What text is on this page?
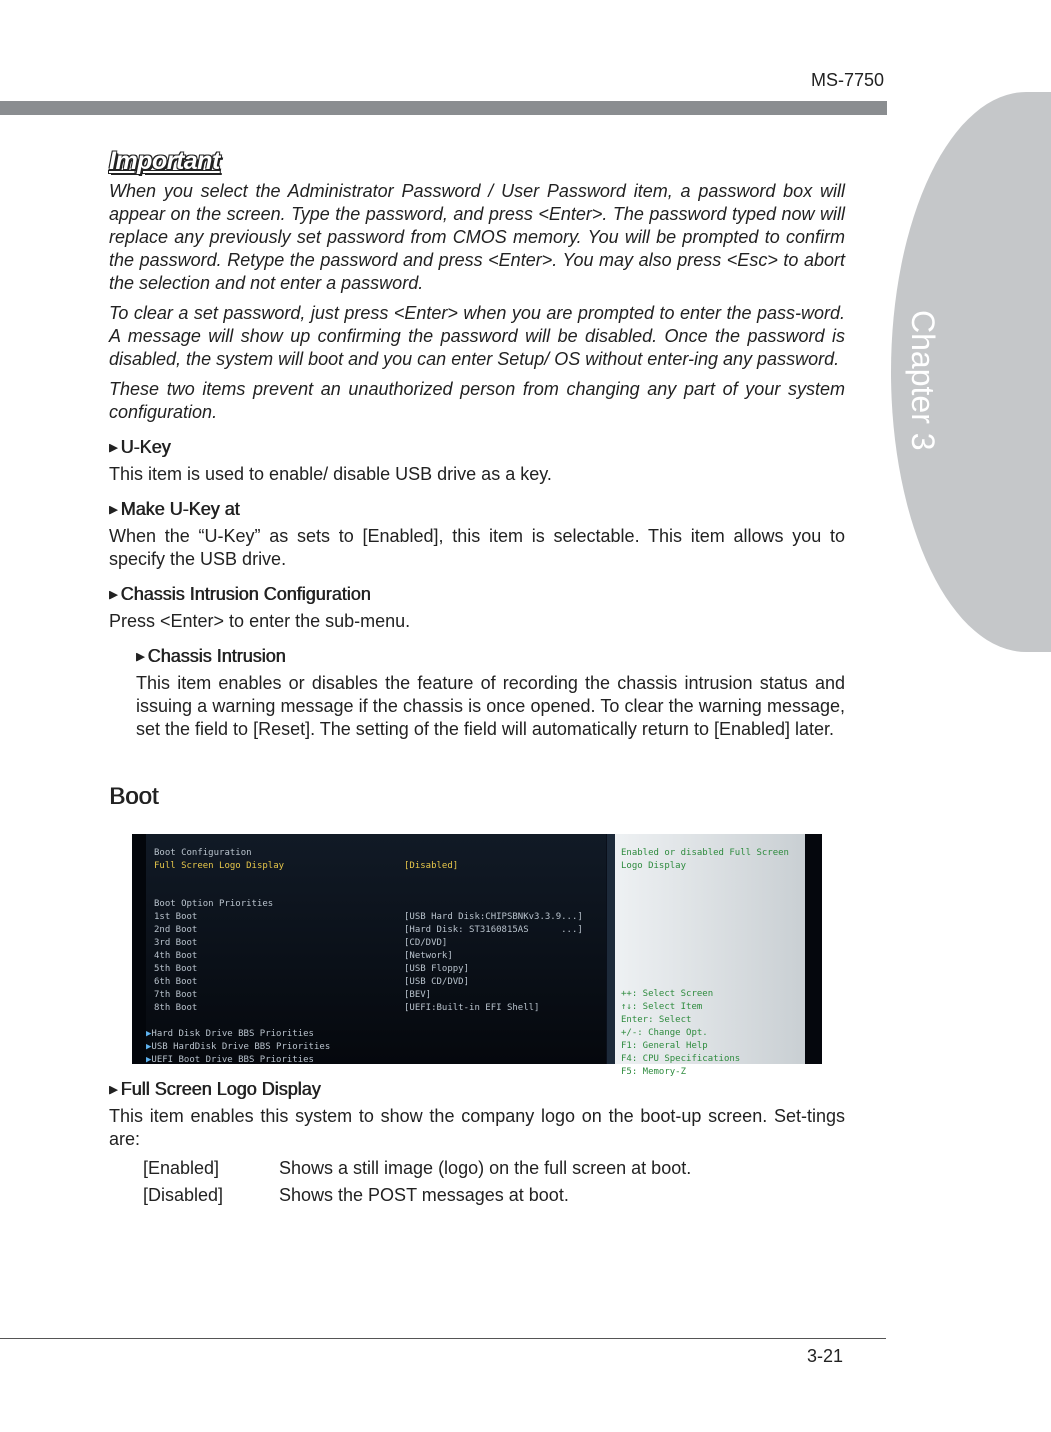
MS-7750
Chapter 3
Important

When you select the Administrator Password / User Password item, a password box will appear on the screen. Type the password, and press <Enter>. The password typed now will replace any previously set password from CMOS memory. You will be prompted to confirm the password. Retype the password and press <Enter>. You may also press <Esc> to abort the selection and not enter a password.

To clear a set password, just press <Enter> when you are prompted to enter the pass-word. A message will show up confirming the password will be disabled. Once the password is disabled, the system will boot and you can enter Setup/ OS without enter-ing any password.

These two items prevent an unauthorized person from changing any part of your system configuration.

▶ U-Key

This item is used to enable/ disable USB drive as a key.

▶ Make U-Key at

When the “U-Key” as sets to [Enabled], this item is selectable. This item allows you to specify the USB drive.

▶ Chassis Intrusion Configuration

Press <Enter> to enter the sub-menu.

▶ Chassis Intrusion

This item enables or disables the feature of recording the chassis intrusion status and issuing a warning message if the chassis is once opened. To clear the warning message, set the field to [Reset]. The setting of the field will automatically return to [Enabled] later.

Boot
Boot Configuration
Full Screen Logo Display	[Disabled]
Boot Option Priorities
1st Boot	[USB Hard Disk:CHIPSBNKv3.3.9...]
2nd Boot	[Hard Disk: ST3160815AS      ...]
3rd Boot	[CD/DVD]
4th Boot	[Network]
5th Boot	[USB Floppy]
6th Boot	[USB CD/DVD]
7th Boot	[BEV]
8th Boot	[UEFI:Built-in EFI Shell]
▶Hard Disk Drive BBS Priorities
▶USB HardDisk Drive BBS Priorities
▶UEFI Boot Drive BBS Priorities
Enabled or disabled Full Screen
Logo Display
++: Select Screen
↑↓: Select Item
Enter: Select
+/-: Change Opt.
F1: General Help
F4: CPU Specifications
F5: Memory-Z
▶ Full Screen Logo Display

This item enables this system to show the company logo on the boot-up screen. Set-tings are:

[Enabled]	Shows a still image (logo) on the full screen at boot.
[Disabled]	Shows the POST messages at boot.
3-21
